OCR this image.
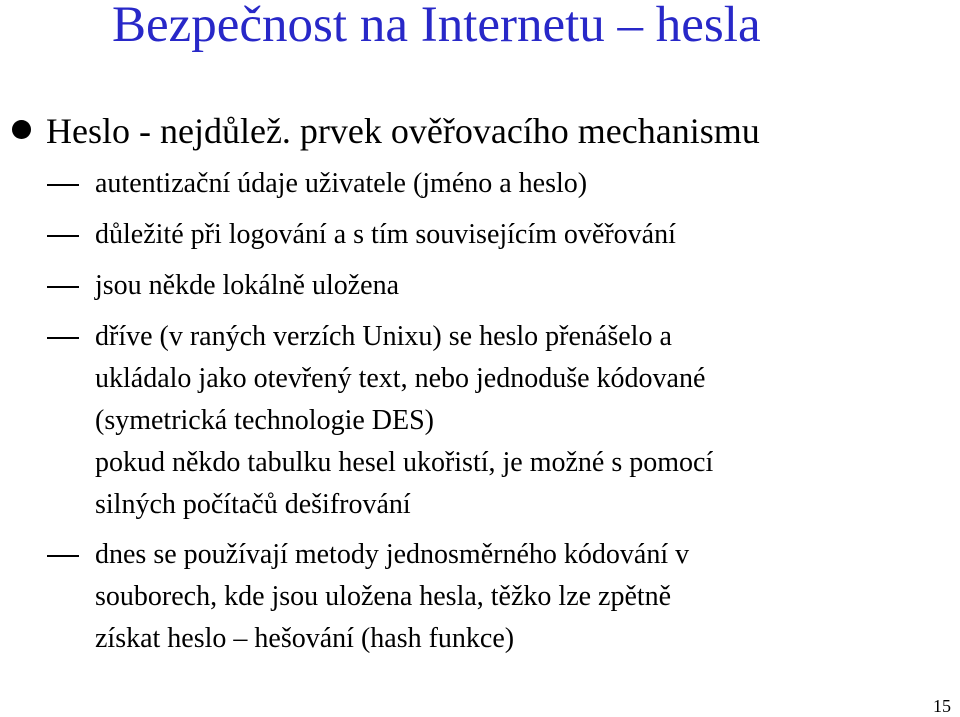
Bezpečnost na Internetu – hesla
Heslo - nejdůlež. prvek ověřovacího mechanismu
autentizační údaje uživatele (jméno a heslo)
důležité při logování a s tím souvisejícím ověřování
jsou někde lokálně uložena
dříve (v raných verzích Unixu) se heslo přenášelo a
ukládalo jako otevřený text, nebo jednoduše kódované
(symetrická technologie DES)
pokud někdo tabulku hesel ukořistí, je možné s pomocí
silných počítačů dešifrování
dnes se používají metody jednosměrného kódování v
souborech, kde jsou uložena hesla, těžko lze zpětně
získat heslo – hešování (hash funkce)
15
